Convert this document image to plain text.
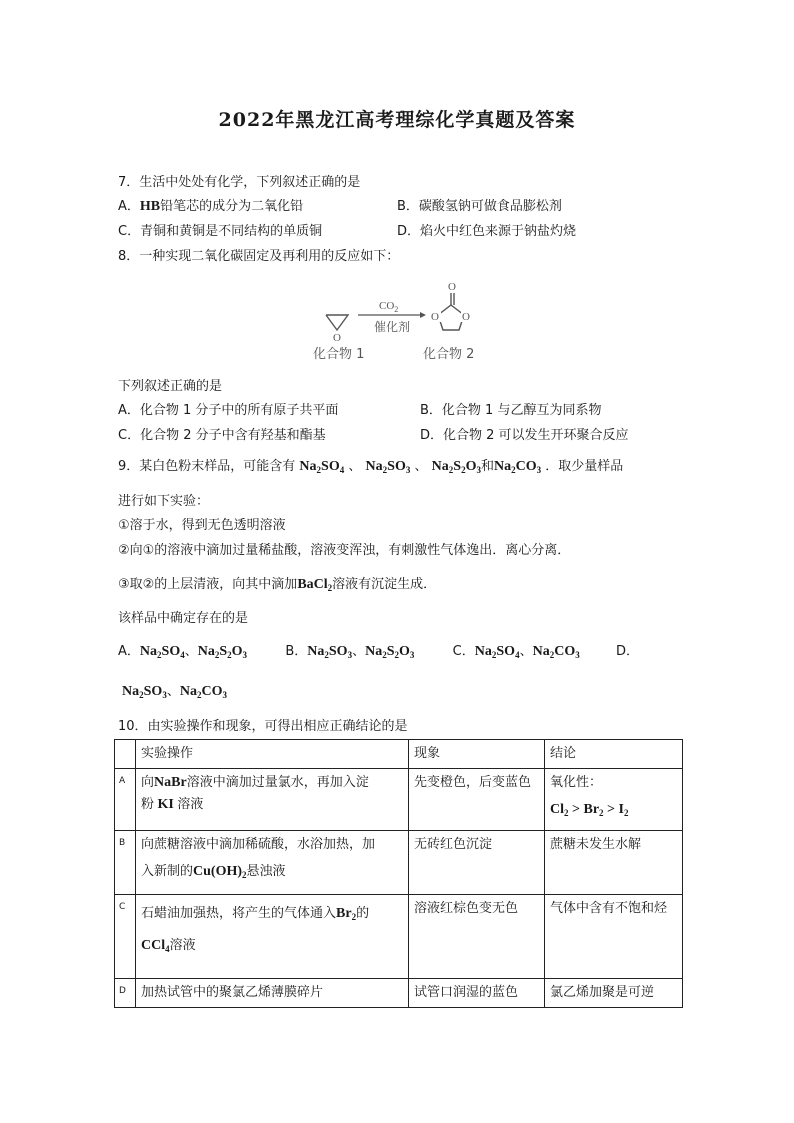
2022年黑龙江高考理综化学真题及答案
7．生活中处处有化学，下列叙述正确的是
A．HB铅笔芯的成分为二氧化铅	B．碳酸氢钠可做食品膨松剂
C．青铜和黄铜是不同结构的单质铜	D．焰火中红色来源于钠盐灼烧
8．一种实现二氧化碳固定及再利用的反应如下：
O
$CO_2$
催化剂
O
O O
化合物 1	化合物 2
下列叙述正确的是
A．化合物 1 分子中的所有原子共平面	B．化合物 1 与乙醇互为同系物
C．化合物 2 分子中含有羟基和酯基	D．化合物 2 可以发生开环聚合反应
9．某白色粉末样品，可能含有 $Na_2SO_4$ 、 $Na_2SO_3$ 、 $Na_2S_2O_3$和$Na_2CO_3$ ．取少量样品
进行如下实验：
①溶于水，得到无色透明溶液
②向①的溶液中滴加过量稀盐酸，溶液变浑浊，有刺激性气体逸出．离心分离．
③取②的上层清液，向其中滴加BaCl$_2$溶液有沉淀生成．
该样品中确定存在的是
A．$Na_2SO_4$、$Na_2S_2O_3$	B．$Na_2SO_3$、$Na_2S_2O_3$	C．$Na_2SO_4$、$Na_2CO_3$	D．
$Na_2SO_3$、$Na_2CO_3$
10．由实验操作和现象，可得出相应正确结论的是
	实验操作	现象	结论
A	向NaBr溶液中滴加过量氯水，再加入淀
粉 KI 溶液	先变橙色，后变蓝色	氧化性：
$Cl_2 > Br_2 > I_2$
B	向蔗糖溶液中滴加稀硫酸，水浴加热，加
入新制的$Cu(OH)_2$悬浊液	无砖红色沉淀	蔗糖未发生水解
C	石蜡油加强热，将产生的气体通入$Br_2$的
CCl$_4$溶液	溶液红棕色变无色	气体中含有不饱和烃
D	加热试管中的聚氯乙烯薄膜碎片	试管口润湿的蓝色	氯乙烯加聚是可逆
